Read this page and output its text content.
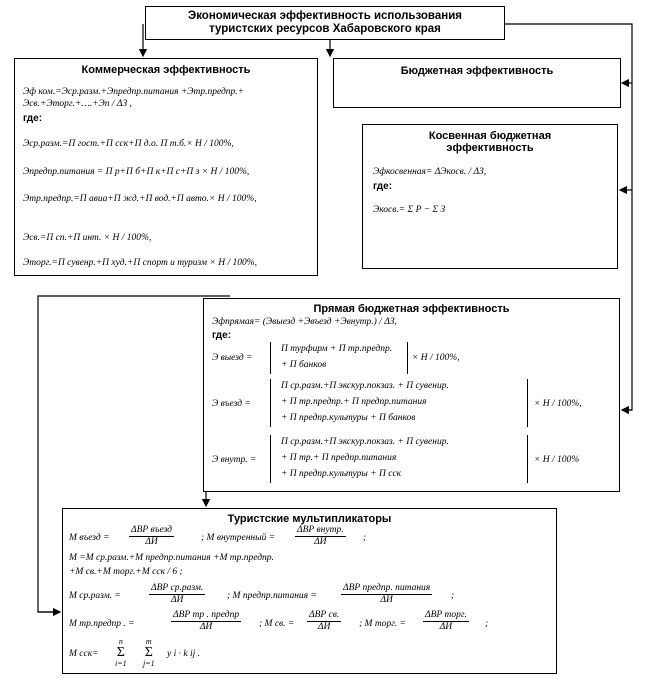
Экономическая эффективность использования
туристских ресурсов Хабаровского края
Коммерческая эффективность
Эф ком.=Эср.разм.+Эпредпр.питания +Этр.предпр.+
Эсв.+Эторг.+….+Эn / ΔЗ ,
где:
Эср.разм.=П гост.+П сск+П д.о. П т.б.× Н / 100%,
Эпредпр.питания = П р+П б+П к+П с+П з × Н / 100%,
Этр.предпр.=П авиа+П жд.+П вод.+П авто.× Н / 100%,
Эсв.=П сп.+П инт. × Н / 100%,
Эторг.=П сувенр.+П худ.+П спорт и туризм × Н / 100%,
Бюджетная эффективность
Косвенная бюджетная
эффективность
Эфкосвенная= ΔЭкосв. / ΔЗ,
где:
Экосв.= Σ Р − Σ З
Прямая бюджетная эффективность
Эфпрямая= (Эвыезд +Эвъезд +Эвнутр.) / ΔЗ,
где:
Э выезд =
П турфирм + П тр.предпр.
+ П банков
× Н / 100%,
Э въезд =
П ср.разм.+П экскур.покзаз. + П сувенир.
+ П тр.предпр.+ П предпр.питания
+ П предпр.культуры + П банков
× Н / 100%,
Э внутр. =
П ср.разм.+П экскур.покзаз. + П сувенир.
+ П тр.+ П предпр.питания
+ П предпр.культуры + П сск
× Н / 100%
Туристские мультипликаторы
М въезд =
ΔВР въезд
ΔИ	; М внутренный =
ΔВР внутр.
ΔИ	;
М =М ср.разм.+М предпр.питания +М тр.предпр.
+М св.+М торг.+М сск / 6 ;
М ср.разм. =
ΔВР ср.разм.
ΔИ	; М предпр.питания =
ΔВР предпр. питания
ΔИ	;
М тр.предпр . =
ΔВР тр . предпр
ΔИ	; М св. =
ΔВР св.
ΔИ	; М торг. =
ΔВР торг.
ΔИ	;
М сск=
n
Σ
i=1
m
Σ
j=1
y i · k ij .
